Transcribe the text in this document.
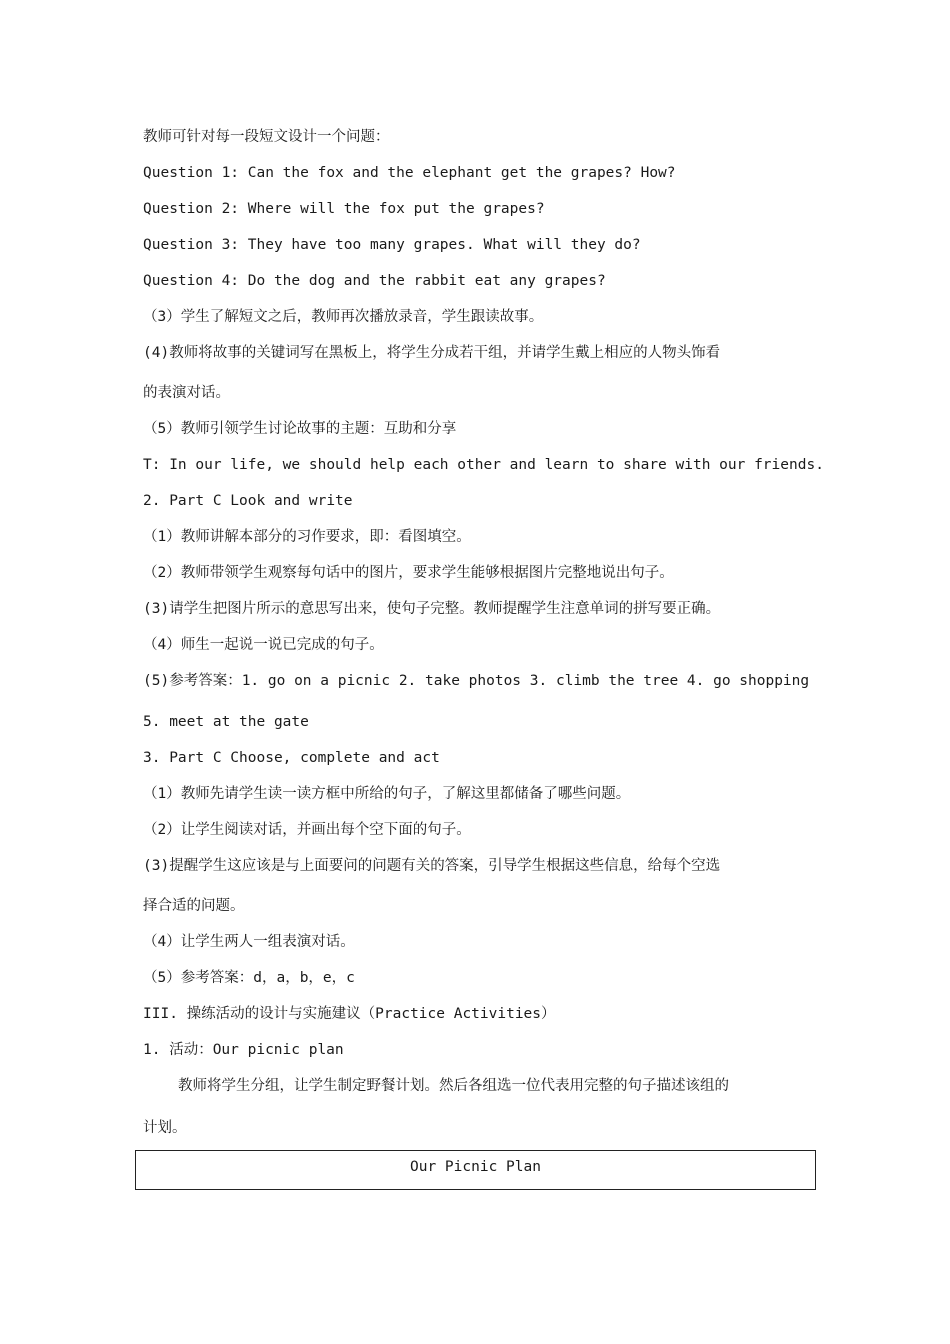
教师可针对每一段短文设计一个问题：
Question 1: Can the fox and the elephant get the grapes? How?
Question 2: Where will the fox put the grapes?
Question 3: They have too many grapes. What will they do?
Question 4: Do the dog and the rabbit eat any grapes?
（3）学生了解短文之后，教师再次播放录音，学生跟读故事。
(4)教师将故事的关键词写在黑板上，将学生分成若干组，并请学生戴上相应的人物头饰看
的表演对话。
（5）教师引领学生讨论故事的主题：互助和分享
T: In our life, we should help each other and learn to share with our friends.
2. Part C Look and write
（1）教师讲解本部分的习作要求，即：看图填空。
（2）教师带领学生观察每句话中的图片，要求学生能够根据图片完整地说出句子。
(3)请学生把图片所示的意思写出来，使句子完整。教师提醒学生注意单词的拼写要正确。
（4）师生一起说一说已完成的句子。
(5)参考答案：1. go on a picnic 2. take photos 3. climb the tree 4. go shopping
5. meet at the gate
3. Part C Choose, complete and act
（1）教师先请学生读一读方框中所给的句子，了解这里都储备了哪些问题。
（2）让学生阅读对话，并画出每个空下面的句子。
(3)提醒学生这应该是与上面要问的问题有关的答案，引导学生根据这些信息，给每个空选
择合适的问题。
（4）让学生两人一组表演对话。
（5）参考答案：d，a，b，e，c
III. 操练活动的设计与实施建议（Practice Activities）
1. 活动：Our picnic plan
教师将学生分组，让学生制定野餐计划。然后各组选一位代表用完整的句子描述该组的
计划。
Our Picnic Plan
